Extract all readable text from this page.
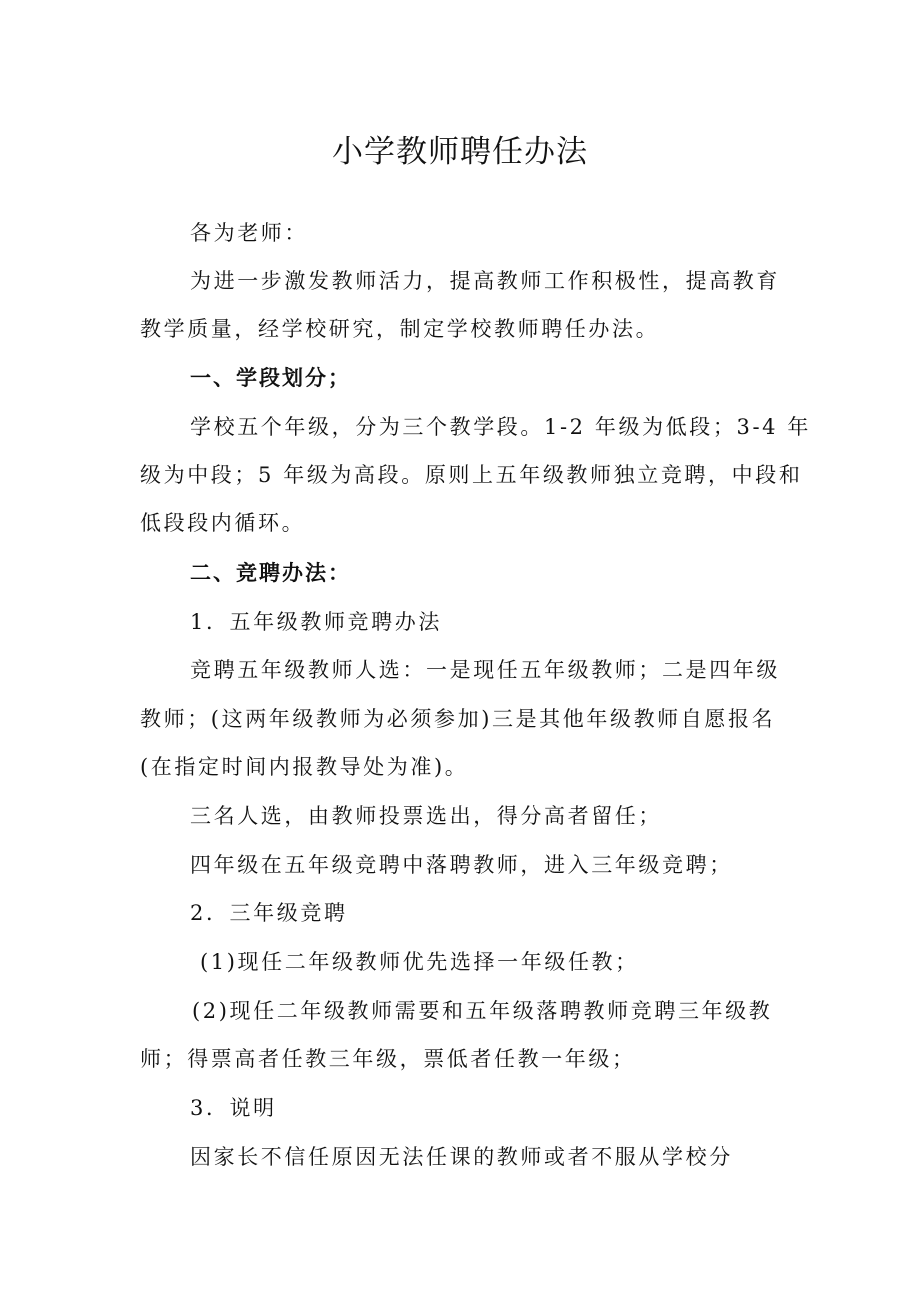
小学教师聘任办法

各为老师：

为进一步激发教师活力，提高教师工作积极性，提高教育

教学质量，经学校研究，制定学校教师聘任办法。

一、学段划分；

学校五个年级，分为三个教学段。1-2 年级为低段；3-4 年

级为中段；5 年级为高段。原则上五年级教师独立竞聘，中段和

低段段内循环。

二、竞聘办法：

1．五年级教师竞聘办法

竞聘五年级教师人选：一是现任五年级教师；二是四年级

教师；(这两年级教师为必须参加)三是其他年级教师自愿报名

(在指定时间内报教导处为准)。

三名人选，由教师投票选出，得分高者留任；

四年级在五年级竞聘中落聘教师，进入三年级竞聘；

2．三年级竞聘

(1)现任二年级教师优先选择一年级任教；

(2)现任二年级教师需要和五年级落聘教师竞聘三年级教

师；得票高者任教三年级，票低者任教一年级；

3．说明

因家长不信任原因无法任课的教师或者不服从学校分
